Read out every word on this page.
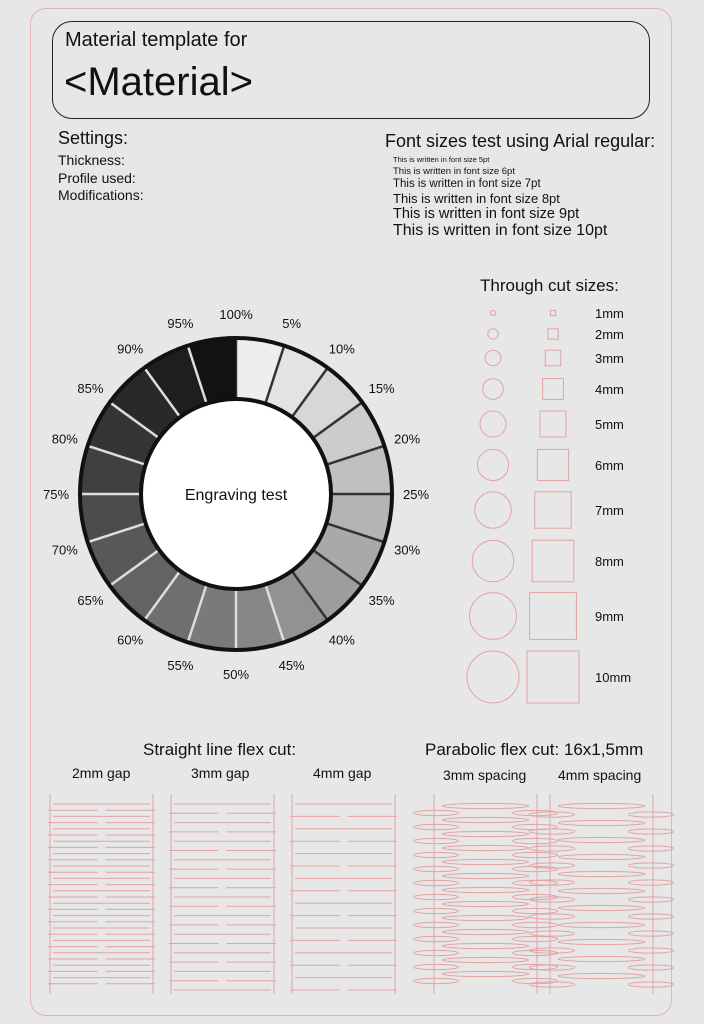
Material template for
<Material>
Settings:
Thickness:
Profile used:
Modifications:
Font sizes test using Arial regular:
This is written in font size 5pt
This is written in font size 6pt
This is written in font size 7pt
This is written in font size 8pt
This is written in font size 9pt
This is written in font size 10pt
Through cut sizes:
Straight line flex cut:
2mm gap	3mm gap	4mm gap
Parabolic flex cut: 16x1,5mm
3mm spacing 4mm spacing
Engraving test
5%
10%
15%
20%
25%
30%
35%
40%
45%
50%
55%
60%
65%
70%
75%
80%
85%
90%
95%
100%	1mm
2mm
3mm
4mm
5mm
6mm
7mm
8mm
9mm
10mm
